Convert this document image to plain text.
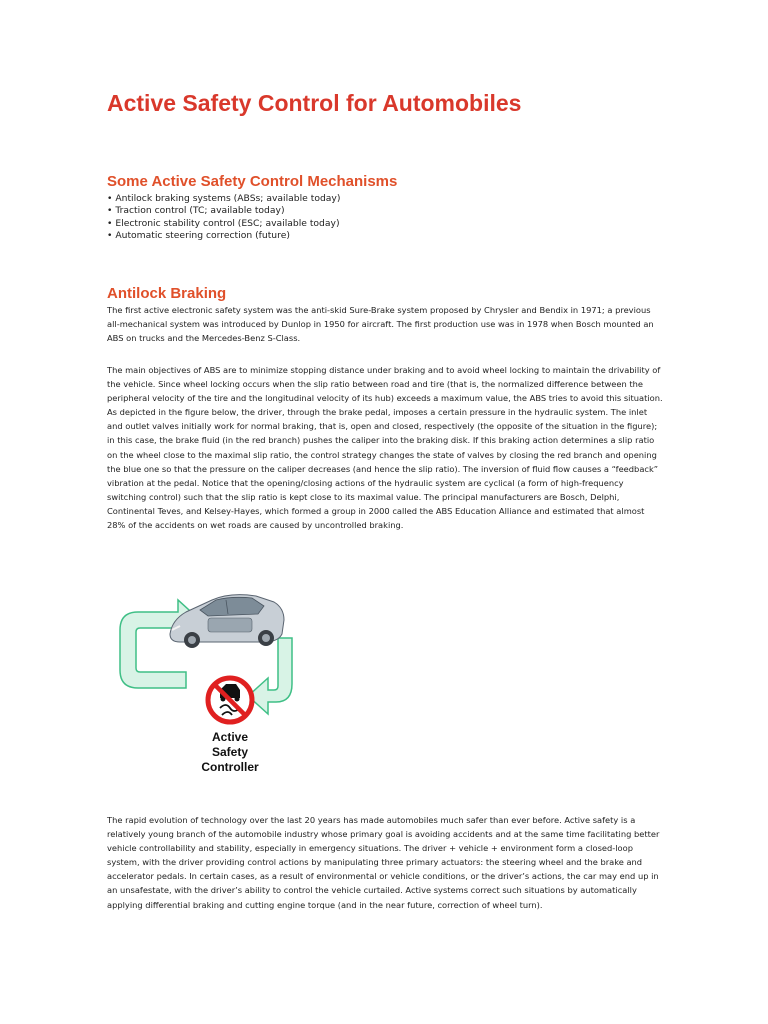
Active Safety Control for Automobiles
Some Active Safety Control Mechanisms
• Antilock braking systems (ABSs; available today)
• Traction control (TC; available today)
• Electronic stability control (ESC; available today)
• Automatic steering correction (future)
Antilock Braking

The first active electronic safety system was the anti-skid Sure-Brake system proposed by Chrysler and Bendix in 1971; a previous all-mechanical system was introduced by Dunlop in 1950 for aircraft. The first production use was in 1978 when Bosch mounted an ABS on trucks and the Mercedes-Benz S-Class.

The main objectives of ABS are to minimize stopping distance under braking and to avoid wheel locking to maintain the drivability of the vehicle. Since wheel locking occurs when the slip ratio between road and tire (that is, the normalized difference between the peripheral velocity of the tire and the longitudinal velocity of its hub) exceeds a maximum value, the ABS tries to avoid this situation. As depicted in the figure below, the driver, through the brake pedal, imposes a certain pressure in the hydraulic system. The inlet and outlet valves initially work for normal braking, that is, open and closed, respectively (the opposite of the situation in the figure); in this case, the brake fluid (in the red branch) pushes the caliper into the braking disk. If this braking action determines a slip ratio on the wheel close to the maximal slip ratio, the control strategy changes the state of valves by closing the red branch and opening the blue one so that the pressure on the caliper decreases (and hence the slip ratio). The inversion of fluid flow causes a “feedback” vibration at the pedal. Notice that the opening/closing actions of the hydraulic system are cyclical (a form of high-frequency switching control) such that the slip ratio is kept close to its maximal value. The principal manufacturers are Bosch, Delphi, Continental Teves, and Kelsey-Hayes, which formed a group in 2000 called the ABS Education Alliance and estimated that almost 28% of the accidents on wet roads are caused by uncontrolled braking.

Active
Safety
Controller

The rapid evolution of technology over the last 20 years has made automobiles much safer than ever before. Active safety is a relatively young branch of the automobile industry whose primary goal is avoiding accidents and at the same time facilitating better vehicle controllability and stability, especially in emergency situations. The driver + vehicle + environment form a closed-loop system, with the driver providing control actions by manipulating three primary actuators: the steering wheel and the brake and accelerator pedals. In certain cases, as a result of environmental or vehicle conditions, or the driver’s actions, the car may end up in an unsafestate, with the driver’s ability to control the vehicle curtailed. Active systems correct such situations by automatically applying differential braking and cutting engine torque (and in the near future, correction of wheel turn).
